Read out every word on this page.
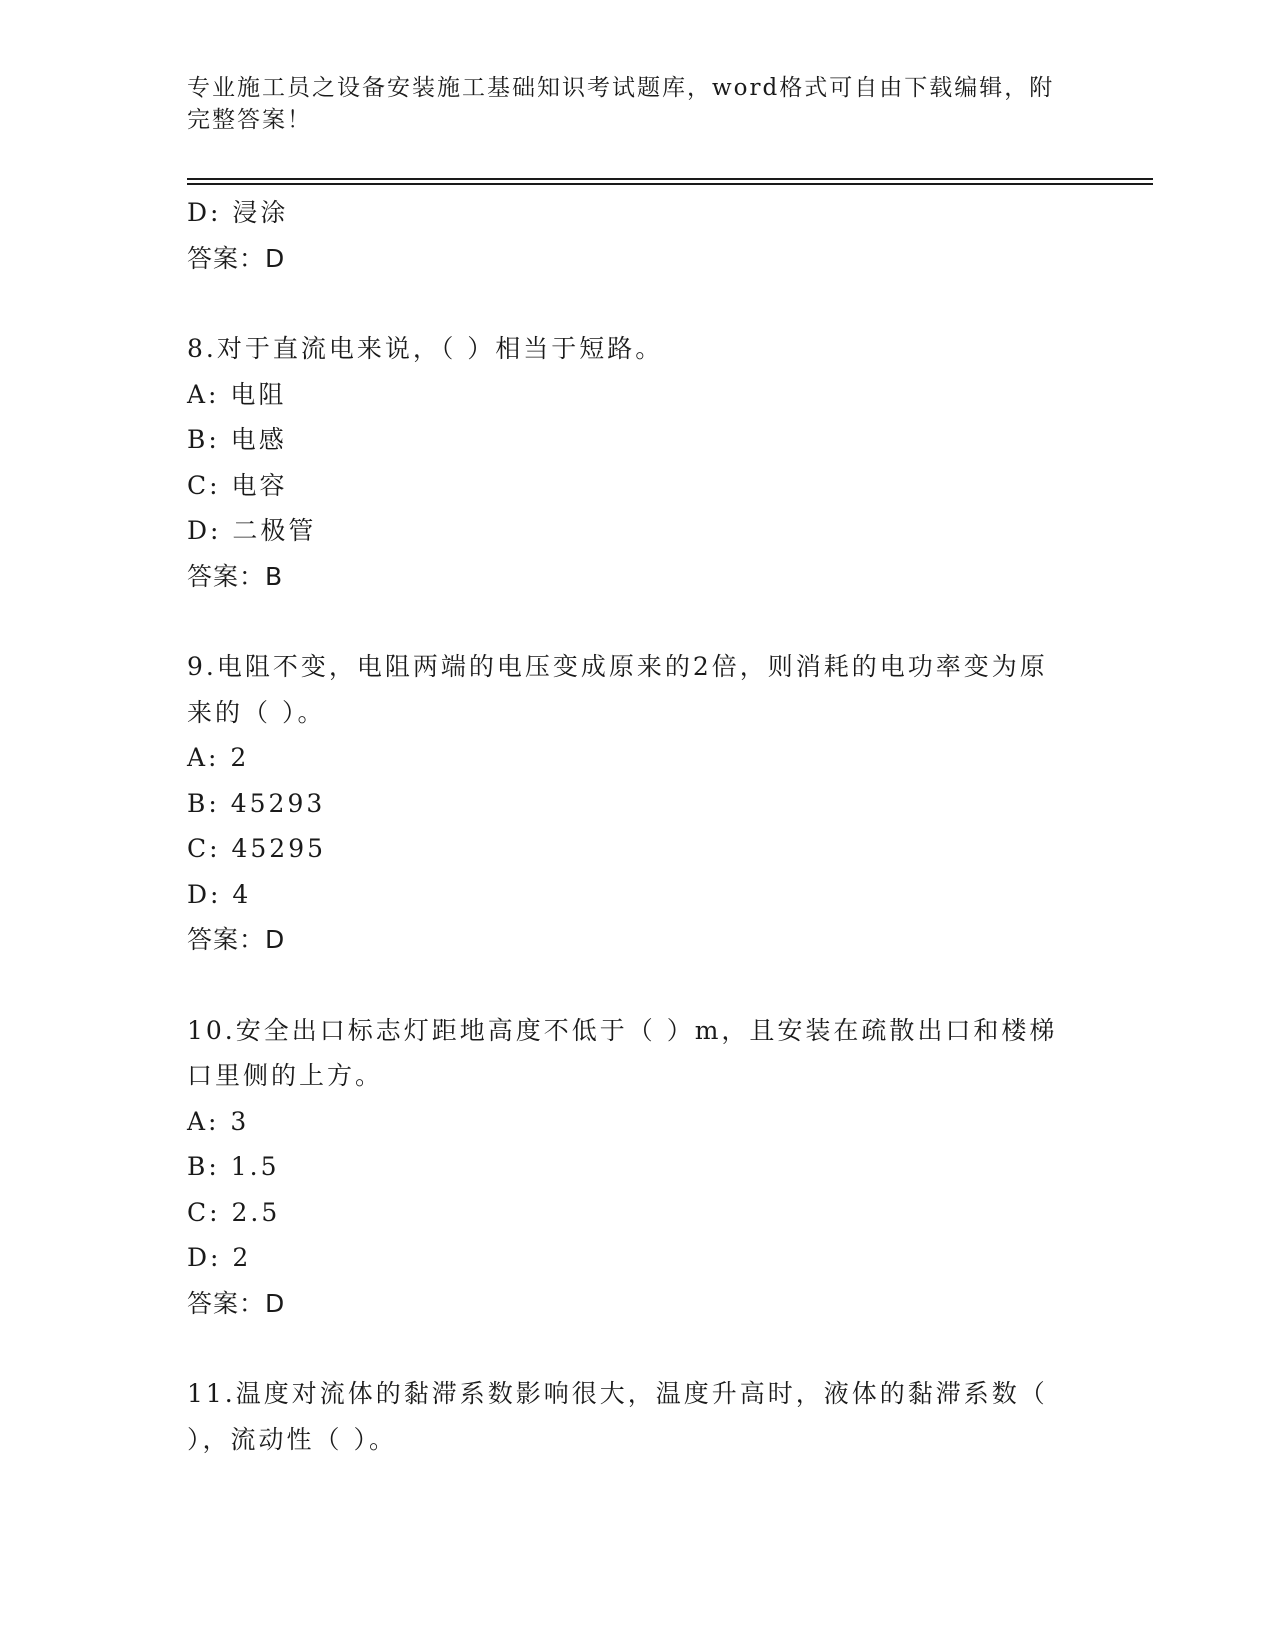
专业施工员之设备安装施工基础知识考试题库，word格式可自由下载编辑，附完整答案！
D: 浸涂
答案：D
8.对于直流电来说，（ ）相当于短路。
A: 电阻
B: 电感
C: 电容
D: 二极管
答案：B
9.电阻不变，电阻两端的电压变成原来的2倍，则消耗的电功率变为原来的（ ）。
A: 2
B: 45293
C: 45295
D: 4
答案：D
10.安全出口标志灯距地高度不低于（ ）m，且安装在疏散出口和楼梯口里侧的上方。
A: 3
B: 1.5
C: 2.5
D: 2
答案：D
11.温度对流体的黏滞系数影响很大，温度升高时，液体的黏滞系数（ ），流动性（ ）。
